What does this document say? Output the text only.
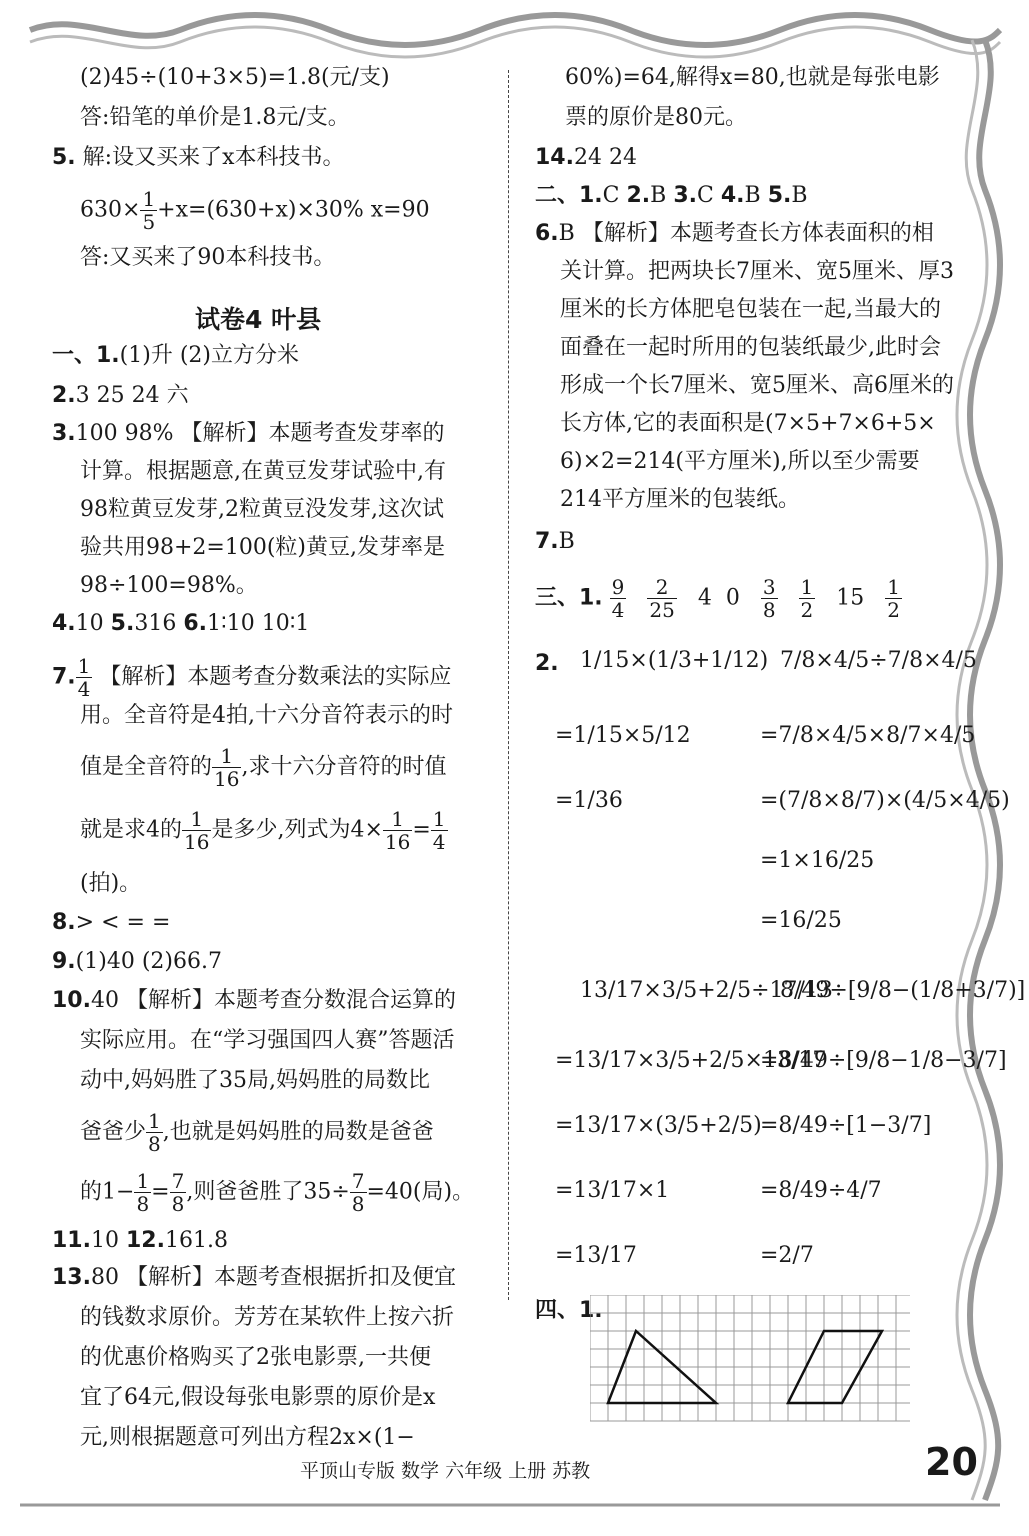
(2)45÷(10+3×5)=1.8(元/支)
答:铅笔的单价是1.8元/支。
5. 解:设又买来了x本科技书。
$630\times \frac{1}{5} +x=(630+x)\times 30\%$ x=90
答:又买来了90本科技书。
试卷4 叶县
一、1.(1)升 (2)立方分米
2.3 25 24 六
3.100 98% 【解析】本题考查发芽率的
计算。根据题意,在黄豆发芽试验中,有
98粒黄豆发芽,2粒黄豆没发芽,这次试
验共用98+2=100(粒)黄豆,发芽率是
98÷100=98%。
4.10 5.316 6.1∶10 10∶1
7. $\frac{1}{4}$ 【解析】本题考查分数乘法的实际应
用。全音符是4拍,十六分音符表示的时
值是全音符的 $\frac{1}{16}$ ,求十六分音符的时值
就是求4的 $\frac{1}{16}$ 是多少,列式为$4\times \frac{1}{16} = \frac{1}{4}$
(拍)。
8.> < = =
9.(1)40 (2)66.7
10.40 【解析】本题考查分数混合运算的
实际应用。在“学习强国四人赛”答题活
动中,妈妈胜了35局,妈妈胜的局数比
爸爸少 $\frac{1}{8}$ ,也就是妈妈胜的局数是爸爸
的$1- \frac{1}{8} = \frac{7}{8}$ ,则爸爸胜了$35\div \frac{7}{8} =40$(局)。
11.10 12.161.8
13.80 【解析】本题考查根据折扣及便宜
的钱数求原价。芳芳在某软件上按六折
的优惠价格购买了2张电影票,一共便
宜了64元,假设每张电影票的原价是x
元,则根据题意可列出方程2x×(1−
60%)=64,解得x=80,也就是每张电影
票的原价是80元。
14.24 24
二、1.C 2.B 3.C 4.B 5.B
6.B 【解析】本题考查长方体表面积的相
关计算。把两块长7厘米、宽5厘米、厚3
厘米的长方体肥皂包装在一起,当最大的
面叠在一起时所用的包装纸最少,此时会
形成一个长7厘米、宽5厘米、高6厘米的
长方体,它的表面积是(7×5+7×6+5×
6)×2=214(平方厘米),所以至少需要
214平方厘米的包装纸。
7.B
三、1. $\frac{9}{4}$
$\frac{2}{25} 4$ $0 \frac{3}{8}$
$\frac{1}{2} 15 \frac{1}{2}$
2. 1/15×(1/3+1/12)
=1/15×5/12
=1/36
7/8×4/5÷7/8×4/5
=7/8×4/5×8/7×4/5
=(7/8×8/7)×(4/5×4/5)
=1×16/25
=16/25
13/17×3/5+2/5÷17/13
=13/17×3/5+2/5×13/17
=13/17×(3/5+2/5)
=13/17×1
=13/17
8/49÷[9/8−(1/8+3/7)]
=8/49÷[9/8−1/8−3/7]
=8/49÷[1−3/7]
=8/49÷4/7
=2/7
四、1.
平顶山专版 数学 六年级 上册 苏教	20
